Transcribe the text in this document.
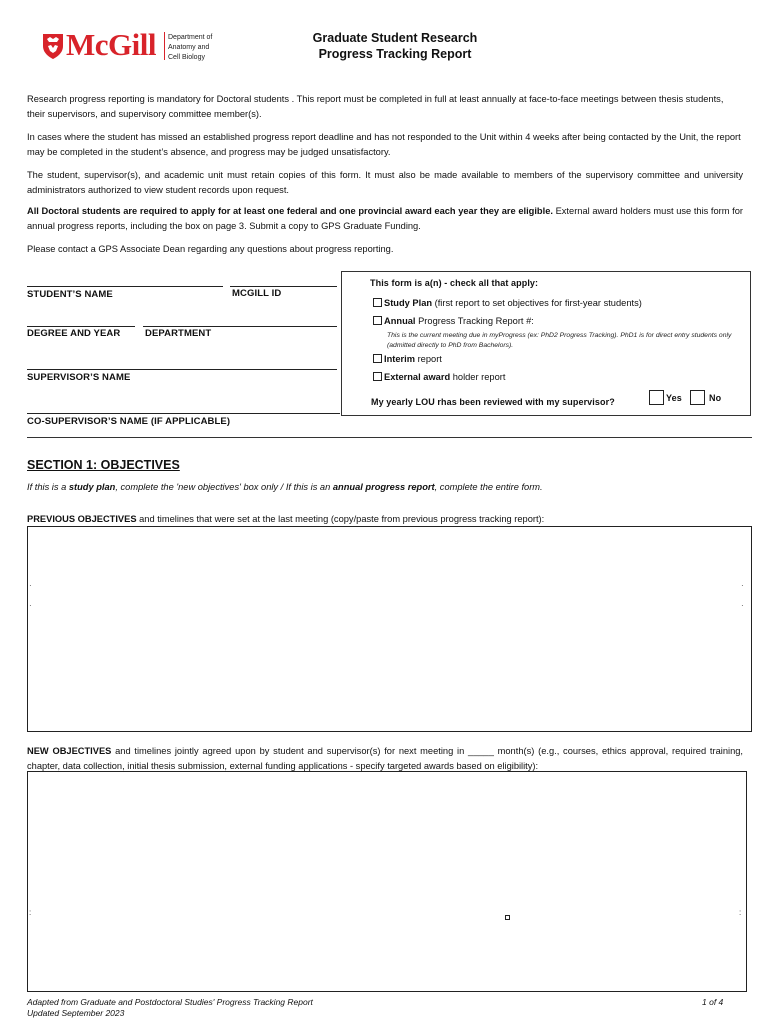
McGill Department of
Anatomy and
Cell Biology
Graduate Student Research
Progress Tracking Report
Research progress reporting is mandatory for Doctoral students . This report must be completed in full at least annually at face-to-face meetings between thesis students, their supervisors, and supervisory committee member(s).
In cases where the student has missed an established progress report deadline and has not responded to the Unit within 4 weeks after being contacted by the Unit, the report may be completed in the student’s absence, and progress may be judged unsatisfactory.
The student, supervisor(s), and academic unit must retain copies of this form. It must also be made available to members of the supervisory committee and university administrators authorized to view student records upon request.
All Doctoral students are required to apply for at least one federal and one provincial award each year they are eligible. External award holders must use this form for annual progress reports, including the box on page 3. Submit a copy to GPS Graduate Funding.
Please contact a GPS Associate Dean regarding any questions about progress reporting.
STUDENT’S NAME	MCGILL ID
DEGREE AND YEAR	DEPARTMENT
SUPERVISOR’S NAME
CO-SUPERVISOR’S NAME (IF APPLICABLE)
This form is a(n) - check all that apply:
Study Plan (first report to set objectives for first-year students)
Annual Progress Tracking Report #:
This is the current meeting due in myProgress (ex: PhD2 Progress Tracking). PhD1 is for direct entry students only (admitted directly to PhD from Bachelors).
Interim report
External award holder report
My yearly LOU rhas been reviewed with my supervisor?	Yes	No
SECTION 1: OBJECTIVES
If this is a study plan, complete the 'new objectives' box only / If this is an annual progress report, complete the entire form.
PREVIOUS OBJECTIVES and timelines that were set at the last meeting (copy/paste from previous progress tracking report):
·
·
·
·
NEW OBJECTIVES and timelines jointly agreed upon by student and supervisor(s) for next meeting in _____ month(s) (e.g., courses, ethics approval, required training, chapter, data collection, initial thesis submission, external funding applications - specify targeted awards based on eligibility):
:	:
Adapted from Graduate and Postdoctoral Studies' Progress Tracking Report
Updated September 2023
1 of 4
